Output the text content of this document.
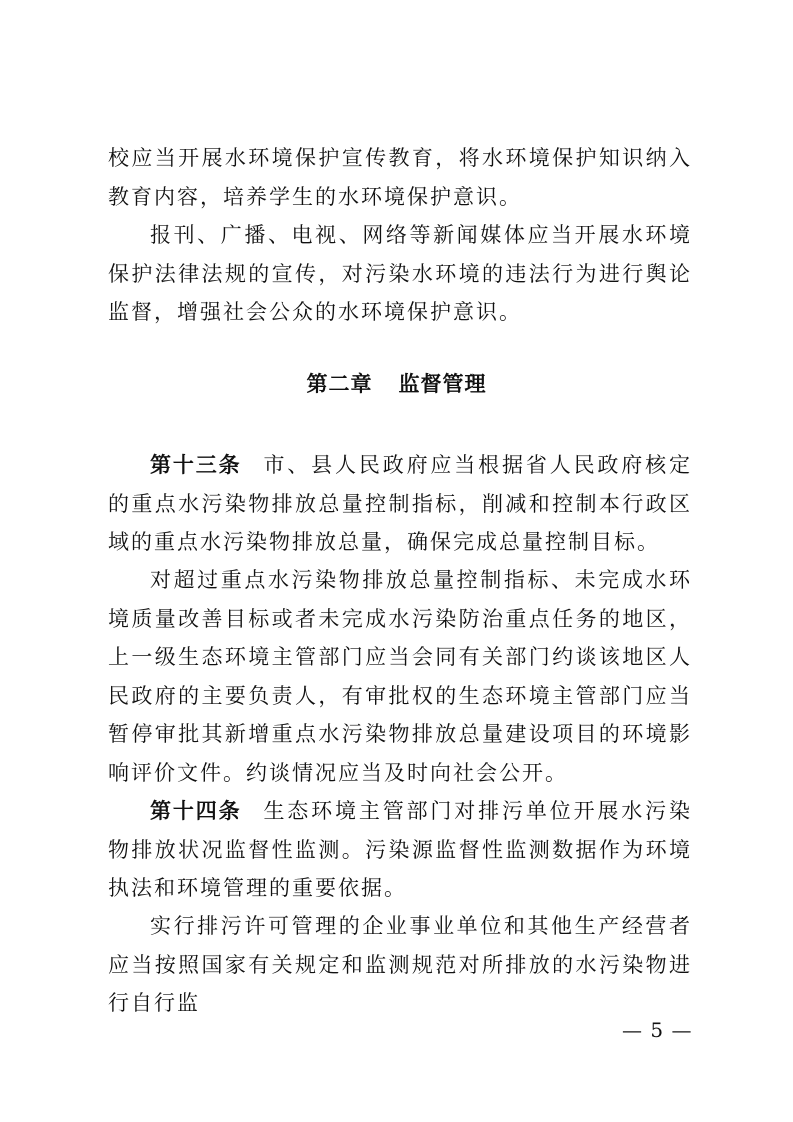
校应当开展水环境保护宣传教育，将水环境保护知识纳入教育内容，培养学生的水环境保护意识。

报刊、广播、电视、网络等新闻媒体应当开展水环境保护法律法规的宣传，对污染水环境的违法行为进行舆论监督，增强社会公众的水环境保护意识。

第二章 监督管理

第十三条 市、县人民政府应当根据省人民政府核定的重点水污染物排放总量控制指标，削减和控制本行政区域的重点水污染物排放总量，确保完成总量控制目标。

对超过重点水污染物排放总量控制指标、未完成水环境质量改善目标或者未完成水污染防治重点任务的地区，上一级生态环境主管部门应当会同有关部门约谈该地区人民政府的主要负责人，有审批权的生态环境主管部门应当暂停审批其新增重点水污染物排放总量建设项目的环境影响评价文件。约谈情况应当及时向社会公开。

第十四条 生态环境主管部门对排污单位开展水污染物排放状况监督性监测。污染源监督性监测数据作为环境执法和环境管理的重要依据。

实行排污许可管理的企业事业单位和其他生产经营者应当按照国家有关规定和监测规范对所排放的水污染物进行自行监

— 5 —
